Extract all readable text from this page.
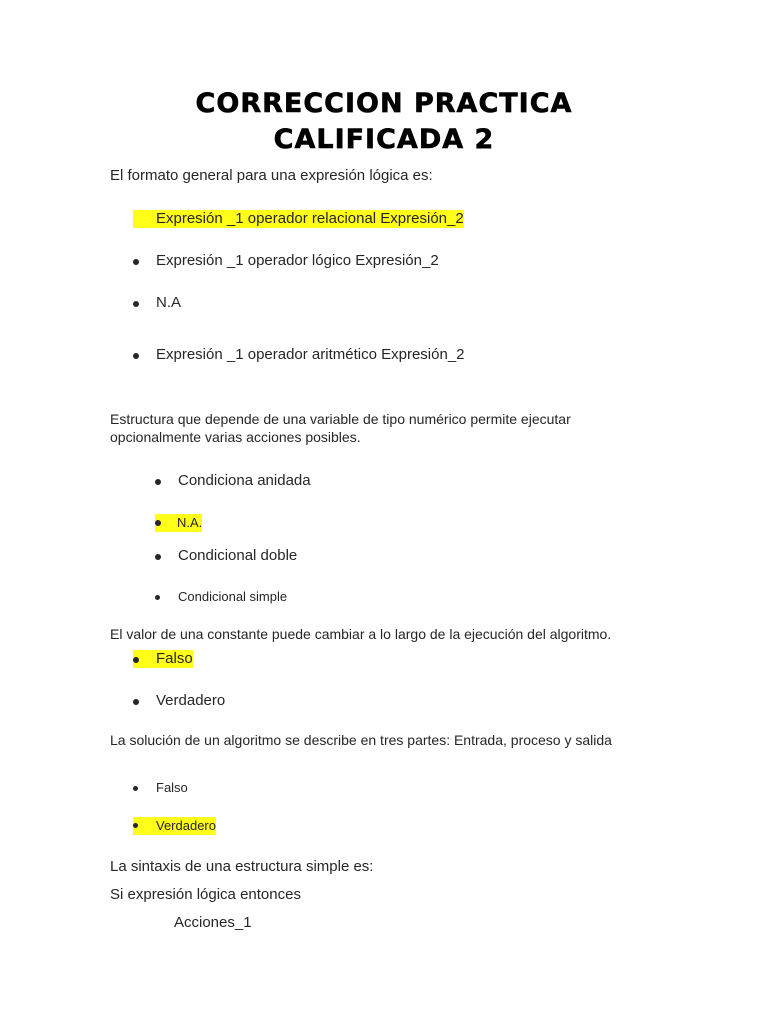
CORRECCION PRACTICA
CALIFICADA 2

El formato general para una expresión lógica es:

Expresión _1 operador relacional Expresión_2
Expresión _1 operador lógico Expresión_2
N.A
Expresión _1 operador aritmético Expresión_2

Estructura que depende de una variable de tipo numérico permite ejecutar

opcionalmente varias acciones posibles.

Condiciona anidada
N.A.
Condicional doble
Condicional simple

El valor de una constante puede cambiar a lo largo de la ejecución del algoritmo.

Falso
Verdadero

La solución de un algoritmo se describe en tres partes: Entrada, proceso y salida

Falso
Verdadero

La sintaxis de una estructura simple es:

Si expresión lógica entonces

Acciones_1
